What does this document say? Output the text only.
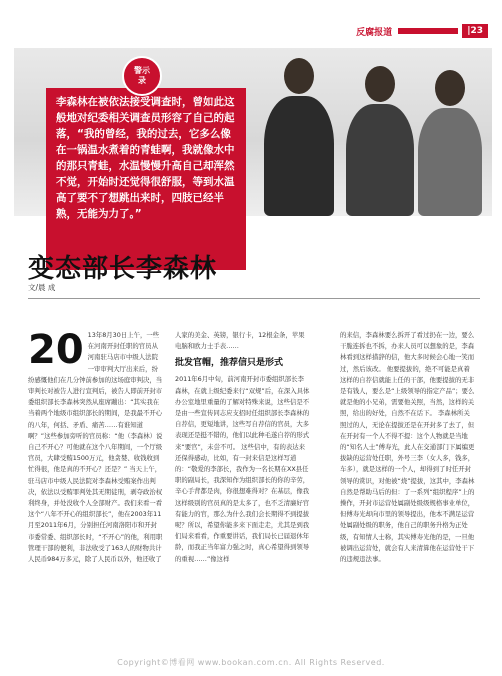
反腐报道	|23

李森林在被依法接受调查时，曾如此这般地对纪委相关调查员形容了自己的起落，“我的曾经，我的过去，它多么像在一锅温水煮着的青蛙啊，我就像水中的那只青蛙，水温慢慢升高自己却浑然不觉，开始时还觉得很舒服，等到水温高了要不了想跳出来时，四肢已经半熟，无能为力了。”

警示
录
变态部长李森林
文/晨 成
20 13年8月30日上午，一些在河南开封任职的官员从河南驻马店市中级人法院一审审判大厅出来后，纷纷感慨他们在几分钟前参加的这场庭审判决，当审判长对被告人进行宣判后，被告人即前开封市委组织部长李森林突然从座席蹦出：“其实我在当着两个地级市组织部长的期间，是我最不开心的八年，何括、矛盾、痛苦……有谁知道啊？”这些参加旁听的官员称：“他（李森林）说自己不开心？可他就在这个八年期间，一个厅级官员，大肆受贿1500万元，他贪婪、收钱收到忙得很，他是真的不开心？还是？” 当天上午，驻马店市中级人民法院对李森林受贿案作出判决，依法以受贿罪判处其无期徒刑，剥夺政治权利终身，并处没收个人全部财产。我们来看一看这个“八年不开心的组织部长”，他在2003年11月至2011年6月，分别担任河南洛阳市和开封市委常委、组织部长时，“不开心”的他，利用职管理干部的便利，非法收受了163人的财物共计人民币984万多元，除了人民币以外，他还收了

人家的美金、英镑，银行卡，12根金条，苹果电脑和欧力士手表……

批发官帽，推荐信只是形式

2011年6月中旬，前河南开封市委组织部长李森林，在就上级纪委来行“双规”后，在深入具体办公室地里重量的了解对特殊来说，这些信是不是由一些宣传同志应支招时任组织部长李森林的自荐信，更短地讲，这些写自荐信的官员，大多表现还是挺不错的，他们以此种毛遂自荐的形式来“要官”，未尝不可。 这些信中，有的表达来还保得感动，比如，有一封来信是这样写道的：“敬爱的李部长，我作为一名长期在XX县任职的副局长，我深知作为组织部长的你的辛劳，辛心手背都是肉，你很想难得对？在基层，像我这样级别的官员真的是太多了，也不乏清廉好官有能力的官，那么为什么我们会长期得不到提拔呢？所以，希望你能多来下面走走，尤其是到我们局来看看，作重要讲话，我们局长已届退休年龄，而我正当年富力强之时，真心希望得到领导的重视……”像这样

的来信，李森林要么拆开了看过扔在一边，要么干脆连拆也不拆，办来人员可以想象的是，李森林看到这样措辞的信，他大多时候会心地一笑而过，然后该改。 他要提拔的，绝不可能是真着这样的自荐信就能上任的干部，他要提拔的无非是有钱人，要么是“上级领导的指定产品”；要么就是他的小兄弟，需要他关照，当然，这样的关照，给出的好处，自然不在话下。 李森林所关照过的人，无论在提拔还是在开封多了去了，但在开封有一个人不得不提：这个人物就是当地的“知名人士”傅寿光，此人在交通部门下属编更拔缺的运营处任职，外号三李（女人多，钱多，车多），就是这样的一个人，却得到了时任开封领导的赏识，对他被“烧”提拔，这其中，李森林自然是帮助马后的但：了一系列“组织程序”上的操作，开封市运营处属副处级级规格事业单位，但傅寿光却向市里的领导提出，他本不满足运营处属副处级的职务，他自己的职务升格为正处级，有知情人士称，其实傅寿光他的是，一旦他被调出运营处，就会有人来清算他在运营处干下的违规违法事。

Copyright©博看网 www.bookan.com.cn. All Rights Reserved.
